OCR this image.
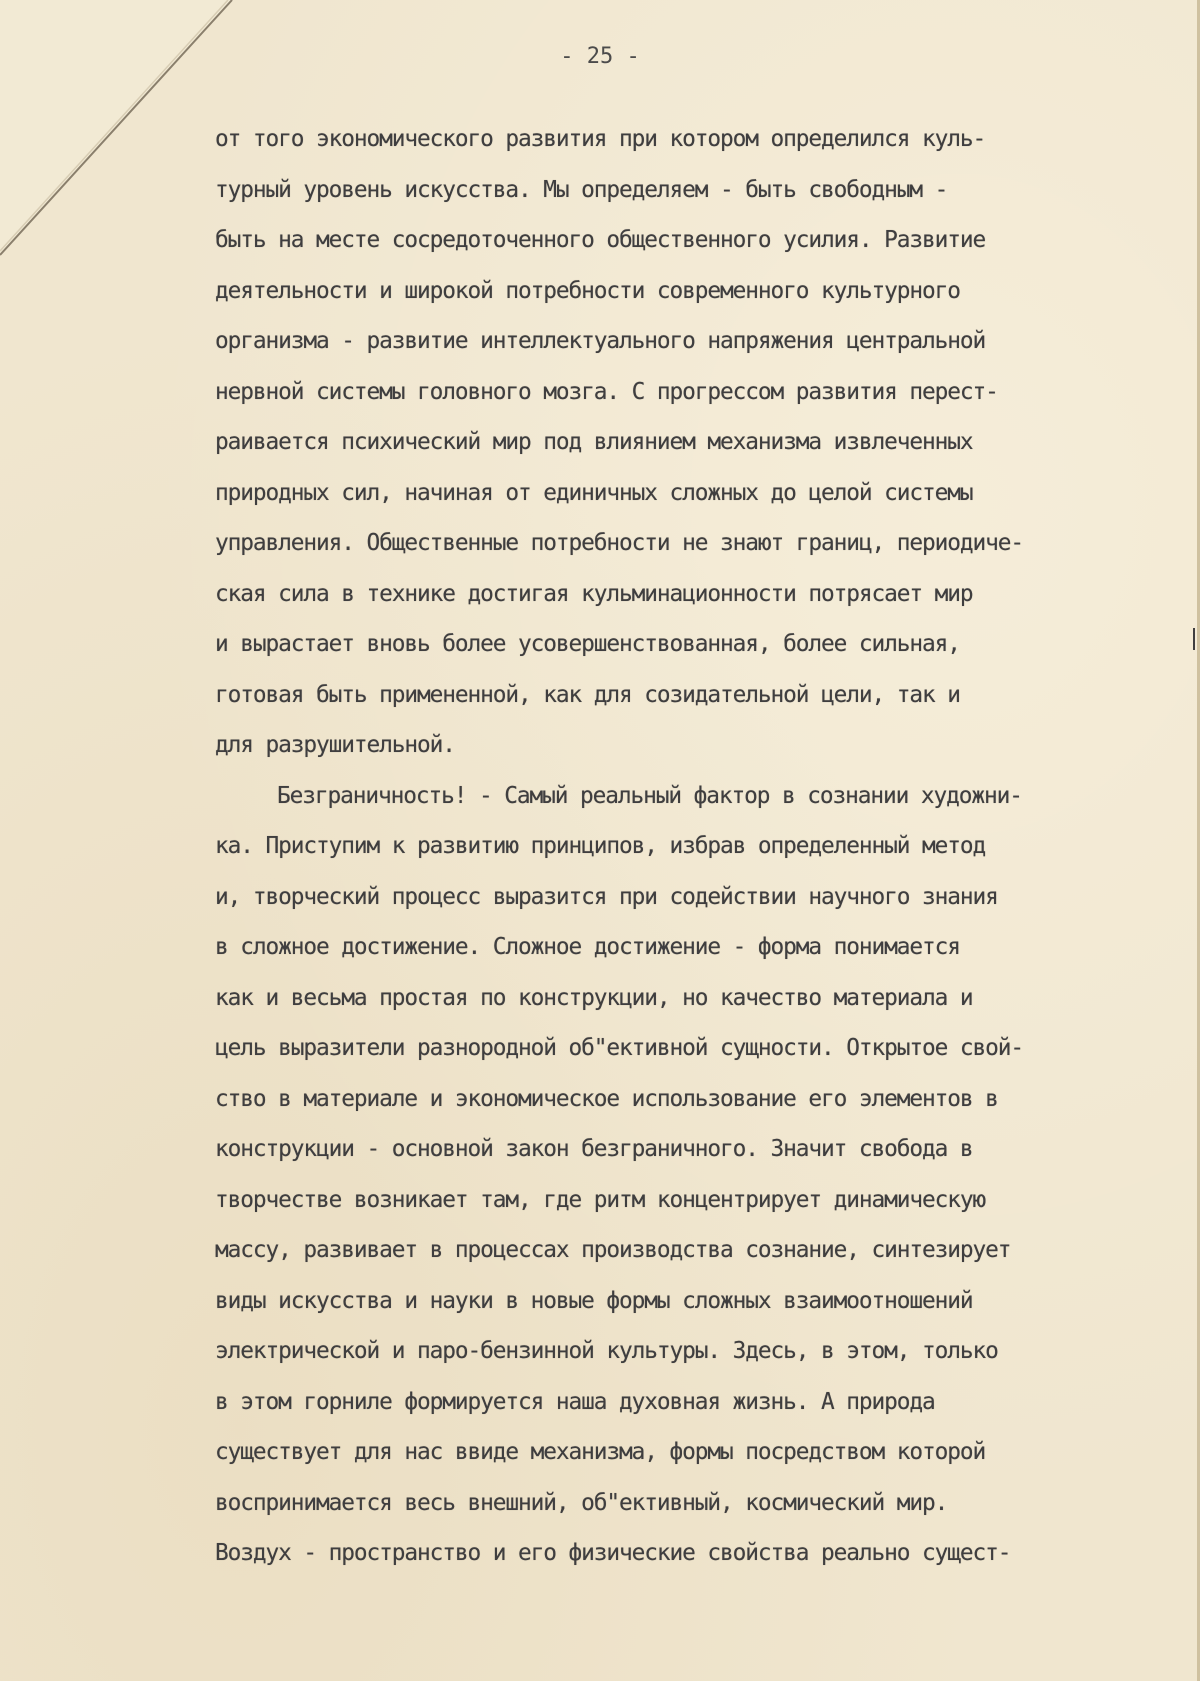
- 25 -
от того экономического развития при котором определился куль-
турный уровень искусства. Мы определяем - быть свободным -
быть на месте сосредоточенного общественного усилия. Развитие
деятельности и широкой потребности современного культурного
организма - развитие интеллектуального напряжения центральной
нервной системы головного мозга. С прогрессом развития перест-
раивается психический мир под влиянием механизма извлеченных
природных сил, начиная от единичных сложных до целой системы
управления. Общественные потребности не знают границ, периодиче-
ская сила в технике достигая кульминационности потрясает мир
и вырастает вновь более усовершенствованная, более сильная,
готовая быть примененной, как для созидательной цели, так и
для разрушительной.
Безграничность! - Самый реальный фактор в сознании художни-
ка. Приступим к развитию принципов, избрав определенный метод
и, творческий процесс выразится при содействии научного знания
в сложное достижение. Сложное достижение - форма понимается
как и весьма простая по конструкции, но качество материала и
цель выразители разнородной об"ективной сущности. Открытое свой-
ство в материале и экономическое использование его элементов в
конструкции - основной закон безграничного. Значит свобода в
творчестве возникает там, где ритм концентрирует динамическую
массу, развивает в процессах производства сознание, синтезирует
виды искусства и науки в новые формы сложных взаимоотношений
электрической и паро-бензинной культуры. Здесь, в этом, только
в этом горниле формируется наша духовная жизнь. А природа
существует для нас ввиде механизма, формы посредством которой
воспринимается весь внешний, об"ективный, космический мир.
Воздух - пространство и его физические свойства реально сущест-
